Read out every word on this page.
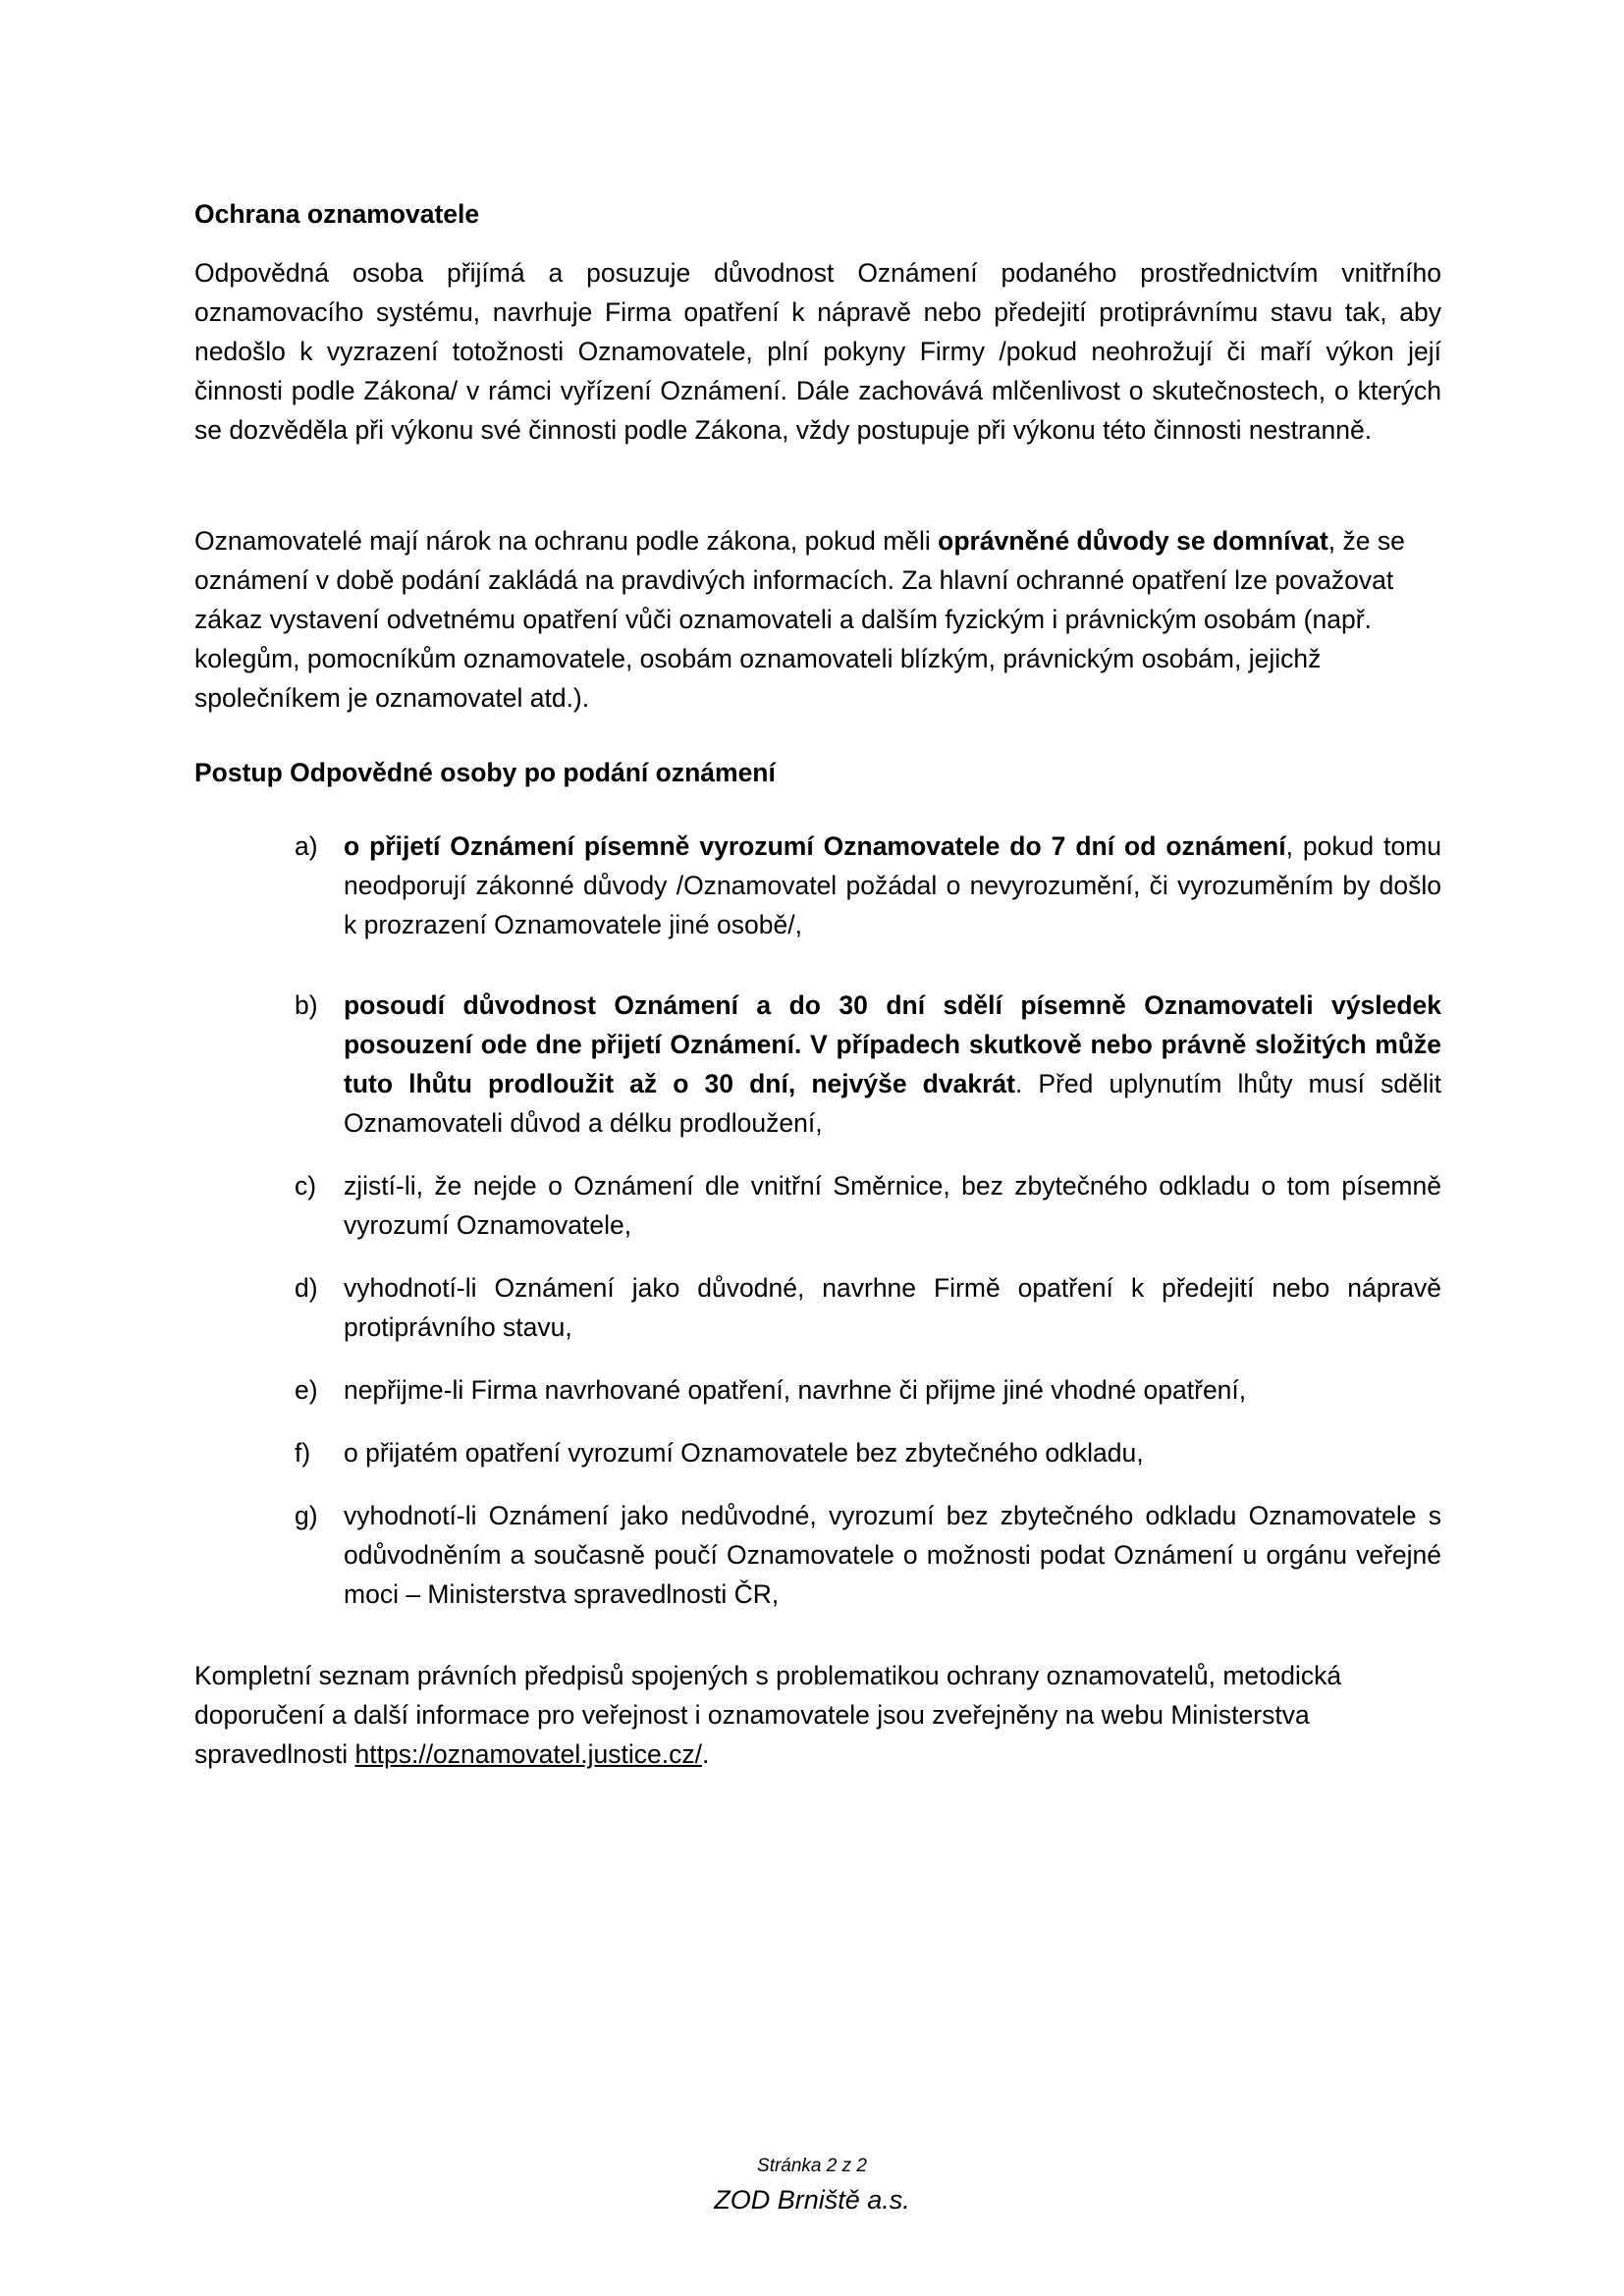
Ochrana oznamovatele
Odpovědná osoba přijímá a posuzuje důvodnost Oznámení podaného prostřednictvím vnitřního oznamovacího systému, navrhuje Firma opatření k nápravě nebo předejití protiprávnímu stavu tak, aby nedošlo k vyzrazení totožnosti Oznamovatele, plní pokyny Firmy /pokud neohrožují či maří výkon její činnosti podle Zákona/ v rámci vyřízení Oznámení. Dále zachovává mlčenlivost o skutečnostech, o kterých se dozvěděla při výkonu své činnosti podle Zákona, vždy postupuje při výkonu této činnosti nestranně.
Oznamovatelé mají nárok na ochranu podle zákona, pokud měli oprávněné důvody se domnívat, že se oznámení v době podání zakládá na pravdivých informacích. Za hlavní ochranné opatření lze považovat zákaz vystavení odvetnému opatření vůči oznamovateli a dalším fyzickým i právnickým osobám (např. kolegům, pomocníkům oznamovatele, osobám oznamovateli blízkým, právnickým osobám, jejichž společníkem je oznamovatel atd.).
Postup Odpovědné osoby po podání oznámení
a) o přijetí Oznámení písemně vyrozumí Oznamovatele do 7 dní od oznámení, pokud tomu neodporují zákonné důvody /Oznamovatel požádal o nevyrozumění, či vyrozuměním by došlo k prozrazení Oznamovatele jiné osobě/,
b) posoudí důvodnost Oznámení a do 30 dní sdělí písemně Oznamovateli výsledek posouzení ode dne přijetí Oznámení. V případech skutkově nebo právně složitých může tuto lhůtu prodloužit až o 30 dní, nejvýše dvakrát. Před uplynutím lhůty musí sdělit Oznamovateli důvod a délku prodloužení,
c)	zjistí-li, že nejde o Oznámení dle vnitřní Směrnice, bez zbytečného odkladu o tom písemně vyrozumí Oznamovatele,
d) vyhodnotí-li Oznámení jako důvodné, navrhne Firmě opatření k předejití nebo nápravě protiprávního stavu,
e) nepřijme-li Firma navrhované opatření, navrhne či přijme jiné vhodné opatření,
f)	o přijatém opatření vyrozumí Oznamovatele bez zbytečného odkladu,
g) vyhodnotí-li Oznámení jako nedůvodné, vyrozumí bez zbytečného odkladu Oznamovatele s odůvodněním a současně poučí Oznamovatele o možnosti podat Oznámení u orgánu veřejné moci – Ministerstva spravedlnosti ČR,
Kompletní seznam právních předpisů spojených s problematikou ochrany oznamovatelů, metodická doporučení a další informace pro veřejnost i oznamovatele jsou zveřejněny na webu Ministerstva spravedlnosti https://oznamovatel.justice.cz/.
Stránka 2 z 2
ZOD Brniště a.s.
